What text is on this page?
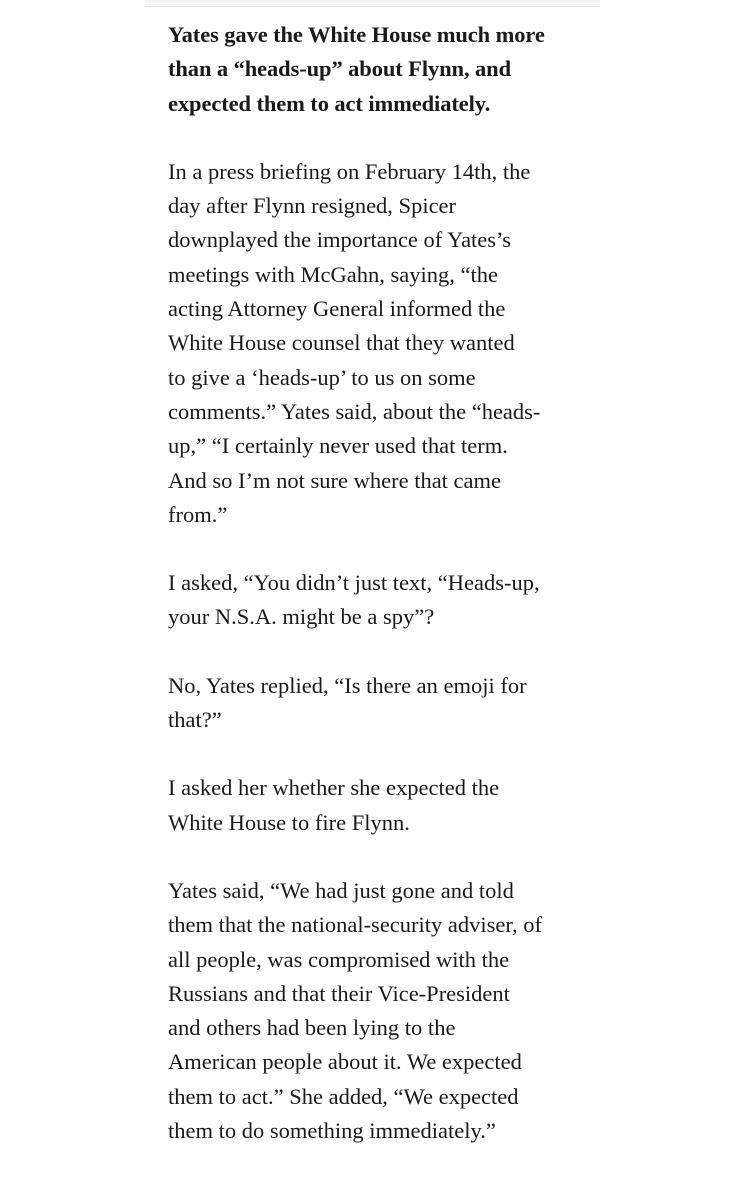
Yates gave the White House much more
than a “heads-up” about Flynn, and
expected them to act immediately.

In a press briefing on February 14th, the
day after Flynn resigned, Spicer
downplayed the importance of Yates’s
meetings with McGahn, saying, “the
acting Attorney General informed the
White House counsel that they wanted
to give a ‘heads-up’ to us on some
comments.” Yates said, about the “heads-
up,” “I certainly never used that term.
And so I’m not sure where that came
from.”

I asked, “You didn’t just text, “Heads-up,
your N.S.A. might be a spy”?

No, Yates replied, “Is there an emoji for
that?”

I asked her whether she expected the
White House to fire Flynn.

Yates said, “We had just gone and told
them that the national-security adviser, of
all people, was compromised with the
Russians and that their Vice-President
and others had been lying to the
American people about it. We expected
them to act.” She added, “We expected
them to do something immediately.”
